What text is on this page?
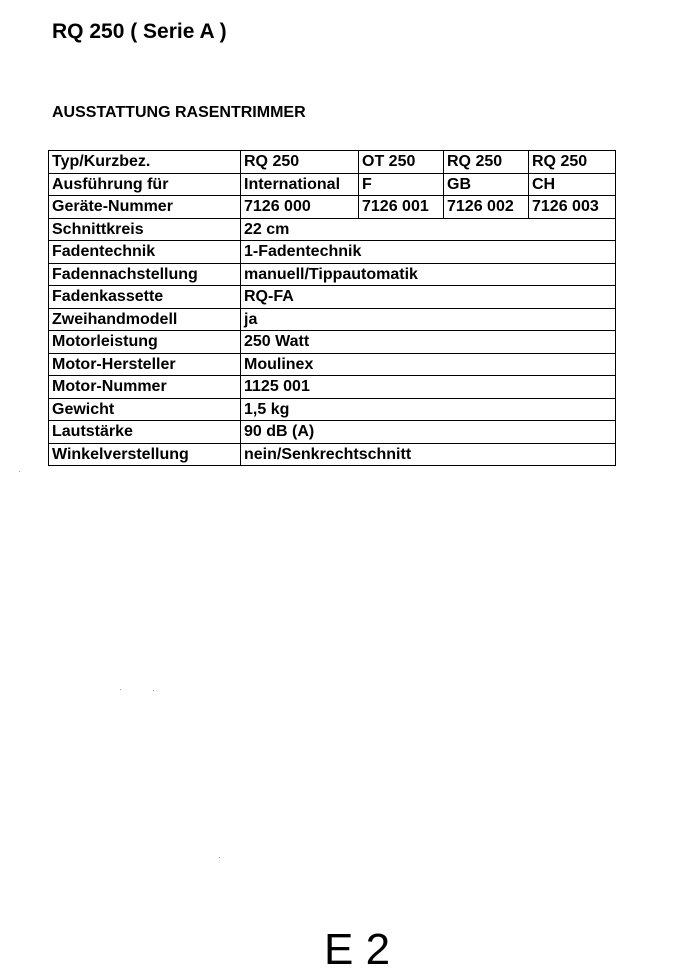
RQ 250 ( Serie A )
AUSSTATTUNG RASENTRIMMER
Typ/Kurzbez.	RQ 250	OT 250	RQ 250	RQ 250
Ausführung für	International	F	GB	CH
Geräte-Nummer	7126 000	7126 001	7126 002	7126 003
Schnittkreis	22 cm			
Fadentechnik	1-Fadentechnik			
Fadennachstellung	manuell/Tippautomatik			
Fadenkassette	RQ-FA			
Zweihandmodell	ja			
Motorleistung	250 Watt			
Motor-Hersteller	Moulinex			
Motor-Nummer	1125 001			
Gewicht	1,5 kg			
Lautstärke	90 dB (A)			
Winkelverstellung	nein/Senkrechtschnitt			
E 2
